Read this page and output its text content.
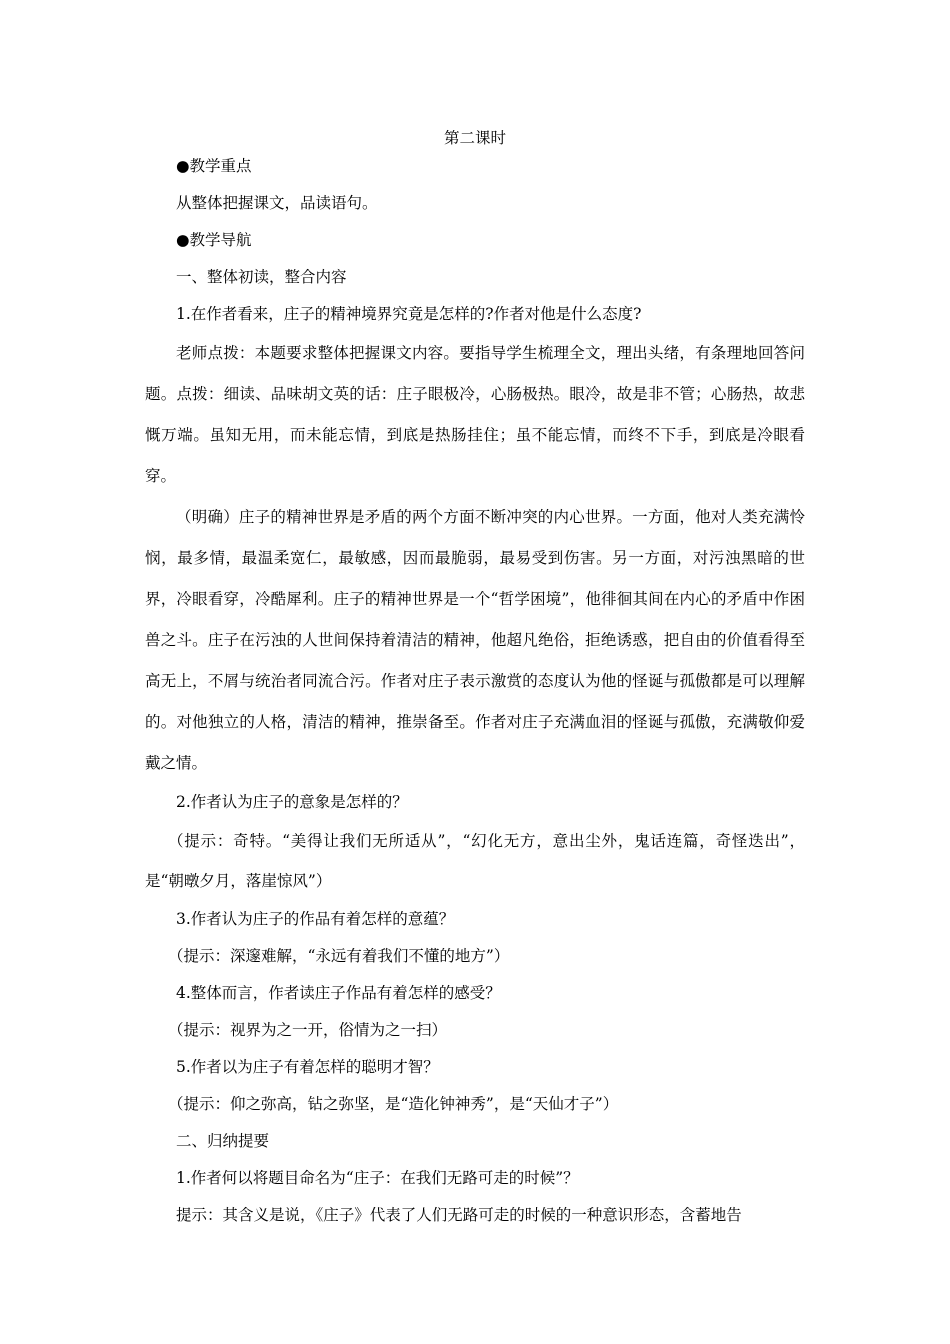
第二课时

●教学重点

从整体把握课文，品读语句。

●教学导航

一、整体初读，整合内容

1.在作者看来，庄子的精神境界究竟是怎样的?作者对他是什么态度?

老师点拨：本题要求整体把握课文内容。要指导学生梳理全文，理出头绪，有条理地回答问题。点拨：细读、品味胡文英的话：庄子眼极冷，心肠极热。眼冷，故是非不管；心肠热，故悲慨万端。虽知无用，而未能忘情，到底是热肠挂住；虽不能忘情，而终不下手，到底是冷眼看穿。

（明确）庄子的精神世界是矛盾的两个方面不断冲突的内心世界。一方面，他对人类充满怜悯，最多情，最温柔宽仁，最敏感，因而最脆弱，最易受到伤害。另一方面，对污浊黑暗的世界，冷眼看穿，冷酷犀利。庄子的精神世界是一个“哲学困境”，他徘徊其间在内心的矛盾中作困兽之斗。庄子在污浊的人世间保持着清洁的精神，他超凡绝俗，拒绝诱惑，把自由的价值看得至高无上，不屑与统治者同流合污。作者对庄子表示激赏的态度认为他的怪诞与孤傲都是可以理解的。对他独立的人格，清洁的精神，推崇备至。作者对庄子充满血泪的怪诞与孤傲，充满敬仰爱戴之情。

2.作者认为庄子的意象是怎样的？

（提示：奇特。“美得让我们无所适从”，“幻化无方，意出尘外，鬼话连篇，奇怪迭出”，是“朝暾夕月，落崖惊风”）

3.作者认为庄子的作品有着怎样的意蕴？

（提示：深邃难解，“永远有着我们不懂的地方”）

4.整体而言，作者读庄子作品有着怎样的感受？

（提示：视界为之一开，俗情为之一扫）

5.作者以为庄子有着怎样的聪明才智？

（提示：仰之弥高，钻之弥坚，是“造化钟神秀”，是“天仙才子”）

二、归纳提要

1.作者何以将题目命名为“庄子：在我们无路可走的时候”？

提示：其含义是说，《庄子》代表了人们无路可走的时候的一种意识形态，含蓄地告
